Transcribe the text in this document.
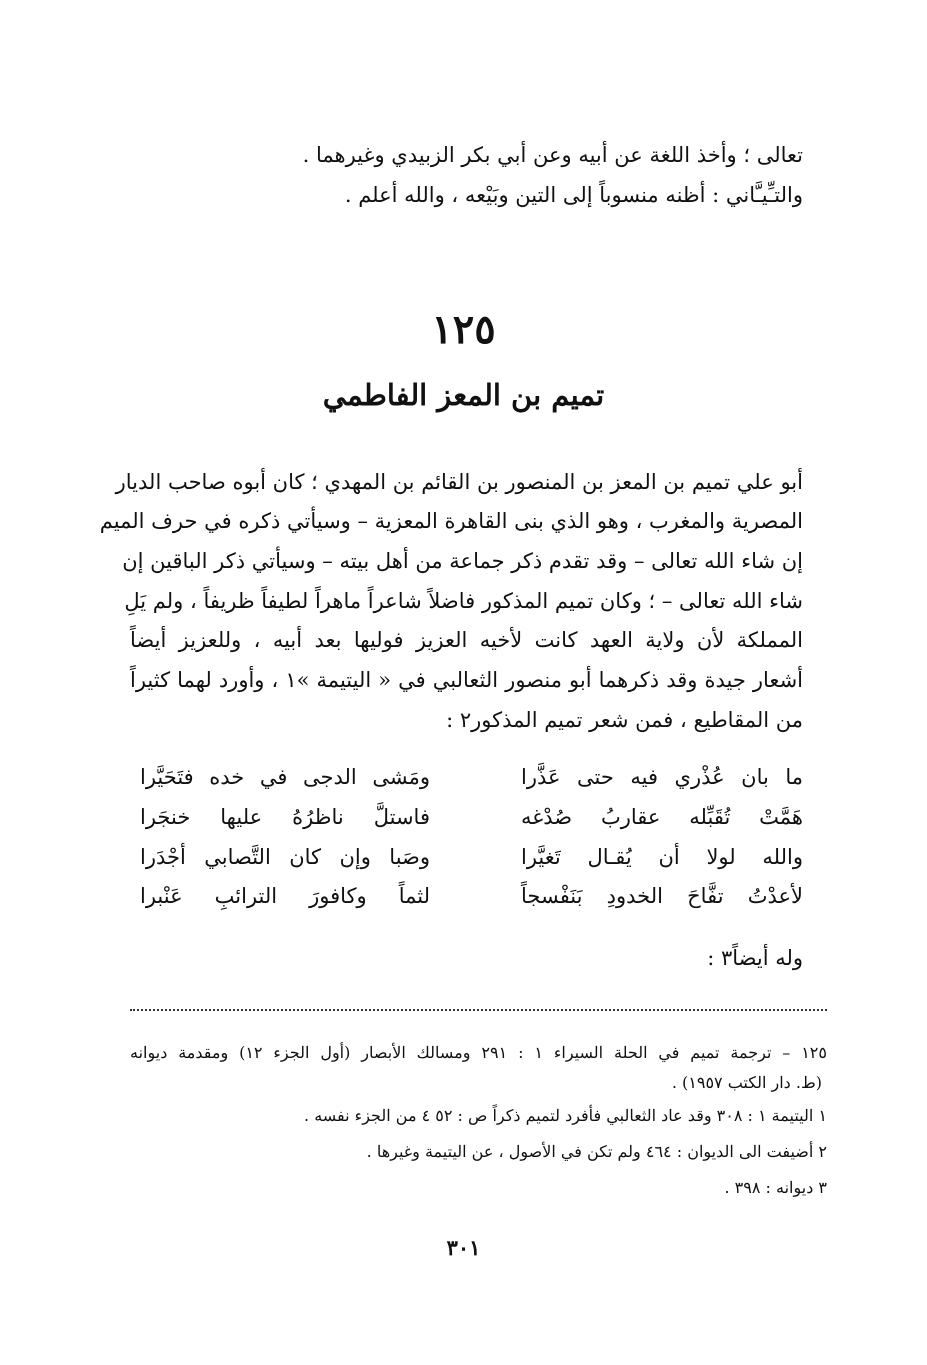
تعالى ؛ وأخذ اللغة عن أبيه وعن أبي بكر الزبيدي وغيرهما .
والتـِّيـَّاني : أظنه منسوباً إلى التين وبَيْعه ، والله أعلم .
١٢٥
تميم بن المعز الفاطمي
أبو علي تميم بن المعز بن المنصور بن القائم بن المهدي ؛ كان أبوه صاحب الديار
المصرية والمغرب ، وهو الذي بنى القاهرة المعزية – وسيأتي ذكره في حرف الميم
إن شاء الله تعالى – وقد تقدم ذكر جماعة من أهل بيته – وسيأتي ذكر الباقين إن
شاء الله تعالى – ؛ وكان تميم المذكور فاضلاً شاعراً ماهراً لطيفاً ظريفاً ، ولم يَلِ
المملكة لأن ولاية العهد كانت لأخيه العزيز فوليها بعد أبيه ، وللعزيز أيضاً
أشعار جيدة وقد ذكرهما أبو منصور الثعالبي في « اليتيمة »١ ، وأورد لهما كثيراً
من المقاطيع ، فمن شعر تميم المذكور٢ :
ما بان عُذْري فيه حتى عَذَّرا
ومَشى الدجى في خده فتَحَيَّرا
هَمَّتْ تُقَبِّله عقاربُ صُدْغه
فاستلَّ ناظرُهُ عليها خنجَرا
والله لولا أن يُقـال تَغيَّرا
وصَبا وإن كان التَّصابي أجْدَرا
لأعدْتُ تفَّاحَ الخدودِ بَنَفْسجاً
لثماً وكافورَ الترائبِ عَنْبرا
وله أيضاً٣ :
١٢٥ – ترجمة تميم في الحلة السيراء ١ : ٢٩١ ومسالك الأبصار (أول الجزء ١٢) ومقدمة ديوانه
(ط. دار الكتب ١٩٥٧) .
١ اليتيمة ١ : ٣٠٨ وقد عاد الثعالبي فأفرد لتميم ذكراً ص : ٥٢ ٤ من الجزء نفسه .
٢ أضيفت الى الديوان : ٤٦٤ ولم تكن في الأصول ، عن اليتيمة وغيرها .
٣ ديوانه : ٣٩٨ .
٣٠١
